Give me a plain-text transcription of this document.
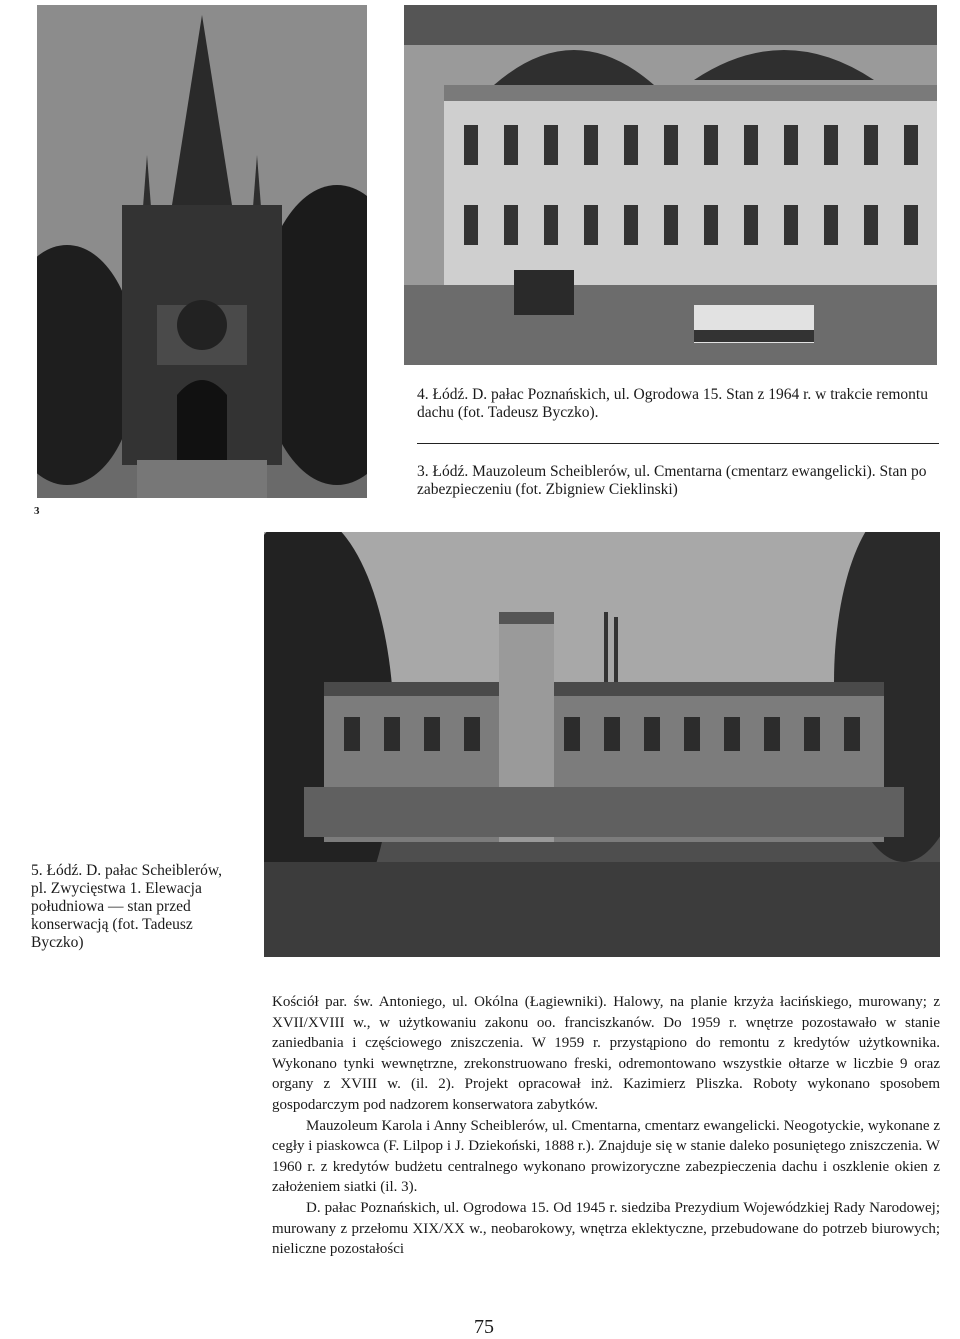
3

4. Łódź. D. pałac Poznańskich, ul. Ogrodowa 15. Stan z 1964 r. w trakcie remontu dachu (fot. Tadeusz Byczko).

3. Łódź. Mauzoleum Scheiblerów, ul. Cmentarna (cmentarz ewangelicki). Stan po zabezpieczeniu (fot. Zbigniew Cieklinski)

5. Łódź. D. pałac Scheiblerów, pl. Zwycięstwa 1. Elewacja południowa — stan przed konserwacją (fot. Tadeusz Byczko)

Kościół par. św. Antoniego, ul. Okólna (Łagiewniki). Halowy, na planie krzyża łacińskiego, murowany; z XVII/XVIII w., w użytkowaniu zakonu oo. franciszkanów. Do 1959 r. wnętrze pozostawało w stanie zaniedbania i częściowego zniszczenia. W 1959 r. przystąpiono do remontu z kredytów użytkownika. Wykonano tynki wewnętrzne, zrekonstruowano freski, odremontowano wszystkie ołtarze w liczbie 9 oraz organy z XVIII w. (il. 2). Projekt opracował inż. Kazimierz Pliszka. Roboty wykonano sposobem gospodarczym pod nadzorem konserwatora zabytków.

Mauzoleum Karola i Anny Scheiblerów, ul. Cmentarna, cmentarz ewangelicki. Neogotyckie, wykonane z cegły i piaskowca (F. Lilpop i J. Dziekoński, 1888 r.). Znajduje się w stanie daleko posuniętego zniszczenia. W 1960 r. z kredytów budżetu centralnego wykonano prowizoryczne zabezpieczenia dachu i oszklenie okien z założeniem siatki (il. 3).

D. pałac Poznańskich, ul. Ogrodowa 15. Od 1945 r. siedziba Prezydium Wojewódzkiej Rady Narodowej; murowany z przełomu XIX/XX w., neobarokowy, wnętrza eklektyczne, przebudowane do potrzeb biurowych; nieliczne pozostałości

75
